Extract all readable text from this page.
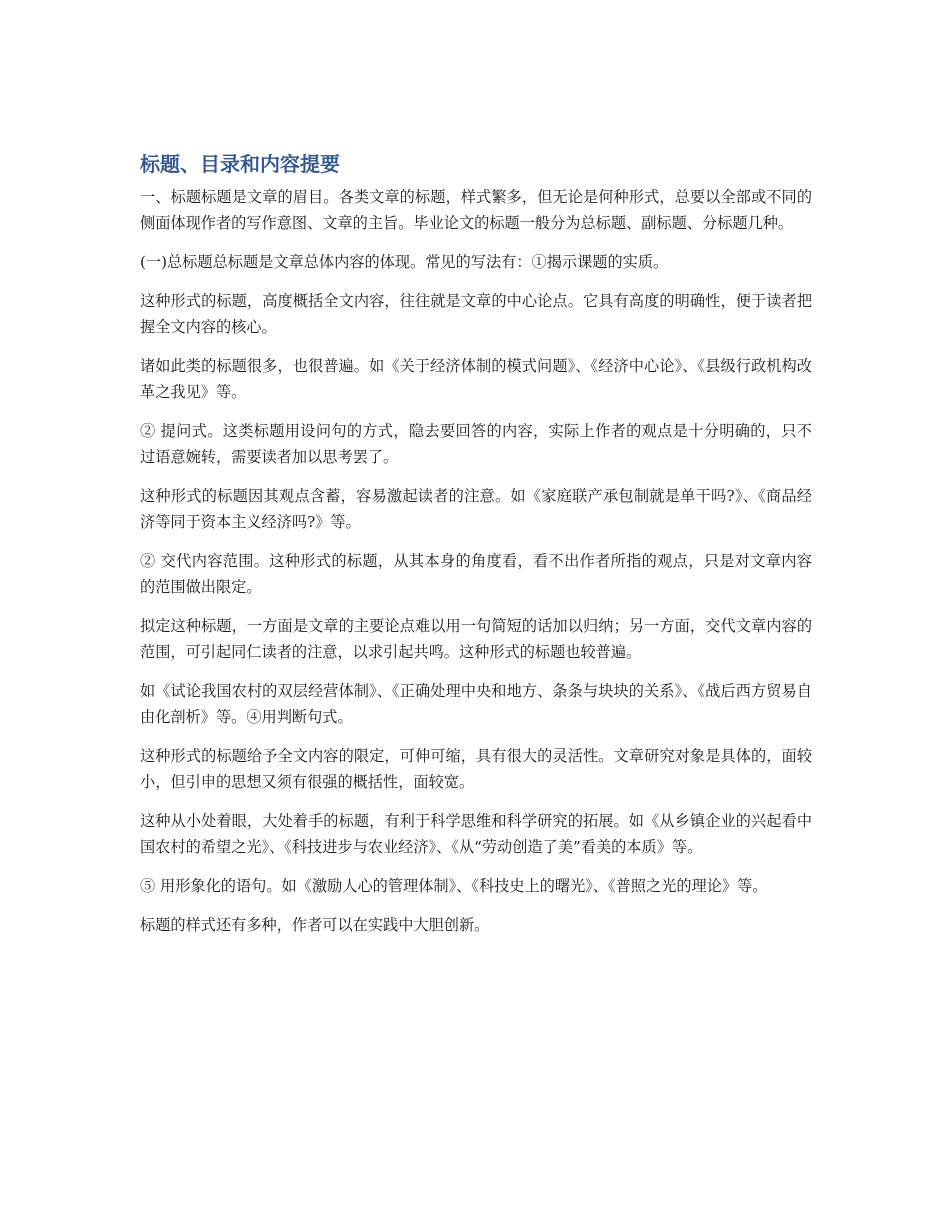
标题、目录和内容提要

一、标题标题是文章的眉目。各类文章的标题，样式繁多，但无论是何种形式，总要以全部或不同的侧面体现作者的写作意图、文章的主旨。毕业论文的标题一般分为总标题、副标题、分标题几种。

(一)总标题总标题是文章总体内容的体现。常见的写法有：①揭示课题的实质。

这种形式的标题，高度概括全文内容，往往就是文章的中心论点。它具有高度的明确性，便于读者把握全文内容的核心。

诸如此类的标题很多，也很普遍。如《关于经济体制的模式问题》、《经济中心论》、《县级行政机构改革之我见》等。

② 提问式。这类标题用设问句的方式，隐去要回答的内容，实际上作者的观点是十分明确的，只不过语意婉转，需要读者加以思考罢了。

这种形式的标题因其观点含蓄，容易激起读者的注意。如《家庭联产承包制就是单干吗?》、《商品经济等同于资本主义经济吗?》等。

② 交代内容范围。这种形式的标题，从其本身的角度看，看不出作者所指的观点，只是对文章内容的范围做出限定。

拟定这种标题，一方面是文章的主要论点难以用一句简短的话加以归纳；另一方面，交代文章内容的范围，可引起同仁读者的注意，以求引起共鸣。这种形式的标题也较普遍。

如《试论我国农村的双层经营体制》、《正确处理中央和地方、条条与块块的关系》、《战后西方贸易自由化剖析》等。④用判断句式。

这种形式的标题给予全文内容的限定，可伸可缩，具有很大的灵活性。文章研究对象是具体的，面较小，但引申的思想又须有很强的概括性，面较宽。

这种从小处着眼，大处着手的标题，有利于科学思维和科学研究的拓展。如《从乡镇企业的兴起看中国农村的希望之光》、《科技进步与农业经济》、《从“劳动创造了美”看美的本质》等。

⑤ 用形象化的语句。如《激励人心的管理体制》、《科技史上的曙光》、《普照之光的理论》等。

标题的样式还有多种，作者可以在实践中大胆创新。
